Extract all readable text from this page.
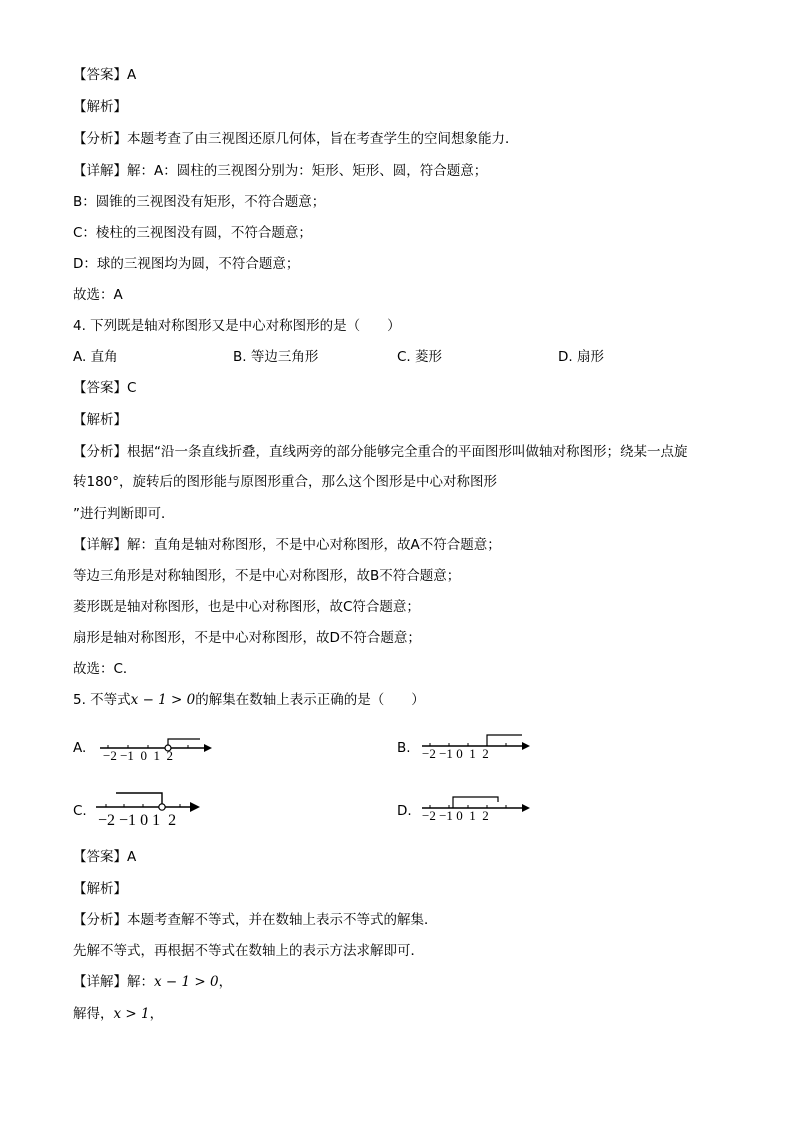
【答案】A
【解析】
【分析】本题考查了由三视图还原几何体，旨在考查学生的空间想象能力．
【详解】解：A：圆柱的三视图分别为：矩形、矩形、圆，符合题意；
B：圆锥的三视图没有矩形，不符合题意；
C：棱柱的三视图没有圆，不符合题意；
D：球的三视图均为圆，不符合题意；
故选：A
4. 下列既是轴对称图形又是中心对称图形的是（　　）
A. 直角	B. 等边三角形	C. 菱形	D. 扇形
【答案】C
【解析】
【分析】根据“沿一条直线折叠，直线两旁的部分能够完全重合的平面图形叫做轴对称图形；绕某一点旋
转180°，旋转后的图形能与原图形重合，那么这个图形是中心对称图形
”进行判断即可．
【详解】解：直角是轴对称图形，不是中心对称图形，故A不符合题意；
等边三角形是对称轴图形，不是中心对称图形，故B不符合题意；
菱形既是轴对称图形，也是中心对称图形，故C符合题意；
扇形是轴对称图形，不是中心对称图形，故D不符合题意；
故选：C．
5. 不等式x − 1 > 0的解集在数轴上表示正确的是（　　）
A.	B.
C.	D.
−2 −1 0 1 2	−2 −1 0 1 2
−2 −1 0 1 2	−2 −1 0 1 2
【答案】A
【解析】
【分析】本题考查解不等式，并在数轴上表示不等式的解集．
先解不等式，再根据不等式在数轴上的表示方法求解即可．
【详解】解：x − 1 > 0，
解得，x > 1，
